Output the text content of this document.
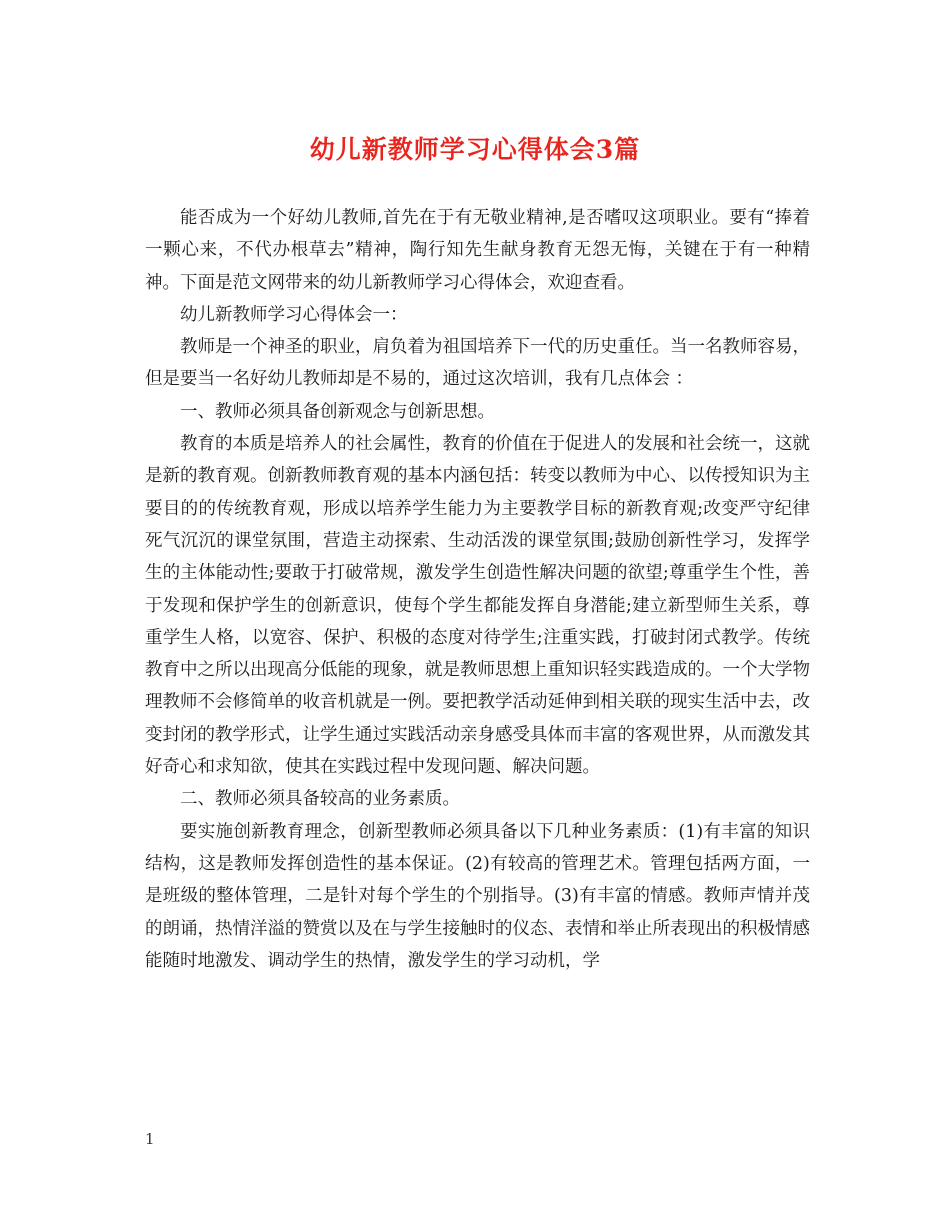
幼儿新教师学习心得体会3篇

能否成为一个好幼儿教师,首先在于有无敬业精神,是否嗜叹这项职业。要有“捧着一颗心来，不代办根草去”精神，陶行知先生献身教育无怨无悔，关键在于有一种精神。下面是范文网带来的幼儿新教师学习心得体会，欢迎查看。

幼儿新教师学习心得体会一：

教师是一个神圣的职业，肩负着为祖国培养下一代的历史重任。当一名教师容易，但是要当一名好幼儿教师却是不易的，通过这次培训，我有几点体会 ：

一、教师必须具备创新观念与创新思想。

教育的本质是培养人的社会属性，教育的价值在于促进人的发展和社会统一，这就是新的教育观。创新教师教育观的基本内涵包括：转变以教师为中心、以传授知识为主要目的的传统教育观，形成以培养学生能力为主要教学目标的新教育观;改变严守纪律死气沉沉的课堂氛围，营造主动探索、生动活泼的课堂氛围;鼓励创新性学习，发挥学生的主体能动性;要敢于打破常规，激发学生创造性解决问题的欲望;尊重学生个性，善于发现和保护学生的创新意识，使每个学生都能发挥自身潜能;建立新型师生关系，尊重学生人格，以宽容、保护、积极的态度对待学生;注重实践，打破封闭式教学。传统教育中之所以出现高分低能的现象，就是教师思想上重知识轻实践造成的。一个大学物理教师不会修简单的收音机就是一例。要把教学活动延伸到相关联的现实生活中去，改变封闭的教学形式，让学生通过实践活动亲身感受具体而丰富的客观世界，从而激发其好奇心和求知欲，使其在实践过程中发现问题、解决问题。

二、教师必须具备较高的业务素质。

要实施创新教育理念，创新型教师必须具备以下几种业务素质：(1)有丰富的知识结构，这是教师发挥创造性的基本保证。(2)有较高的管理艺术。管理包括两方面，一是班级的整体管理，二是针对每个学生的个别指导。(3)有丰富的情感。教师声情并茂的朗诵，热情洋溢的赞赏以及在与学生接触时的仪态、表情和举止所表现出的积极情感能随时地激发、调动学生的热情，激发学生的学习动机，学

1
